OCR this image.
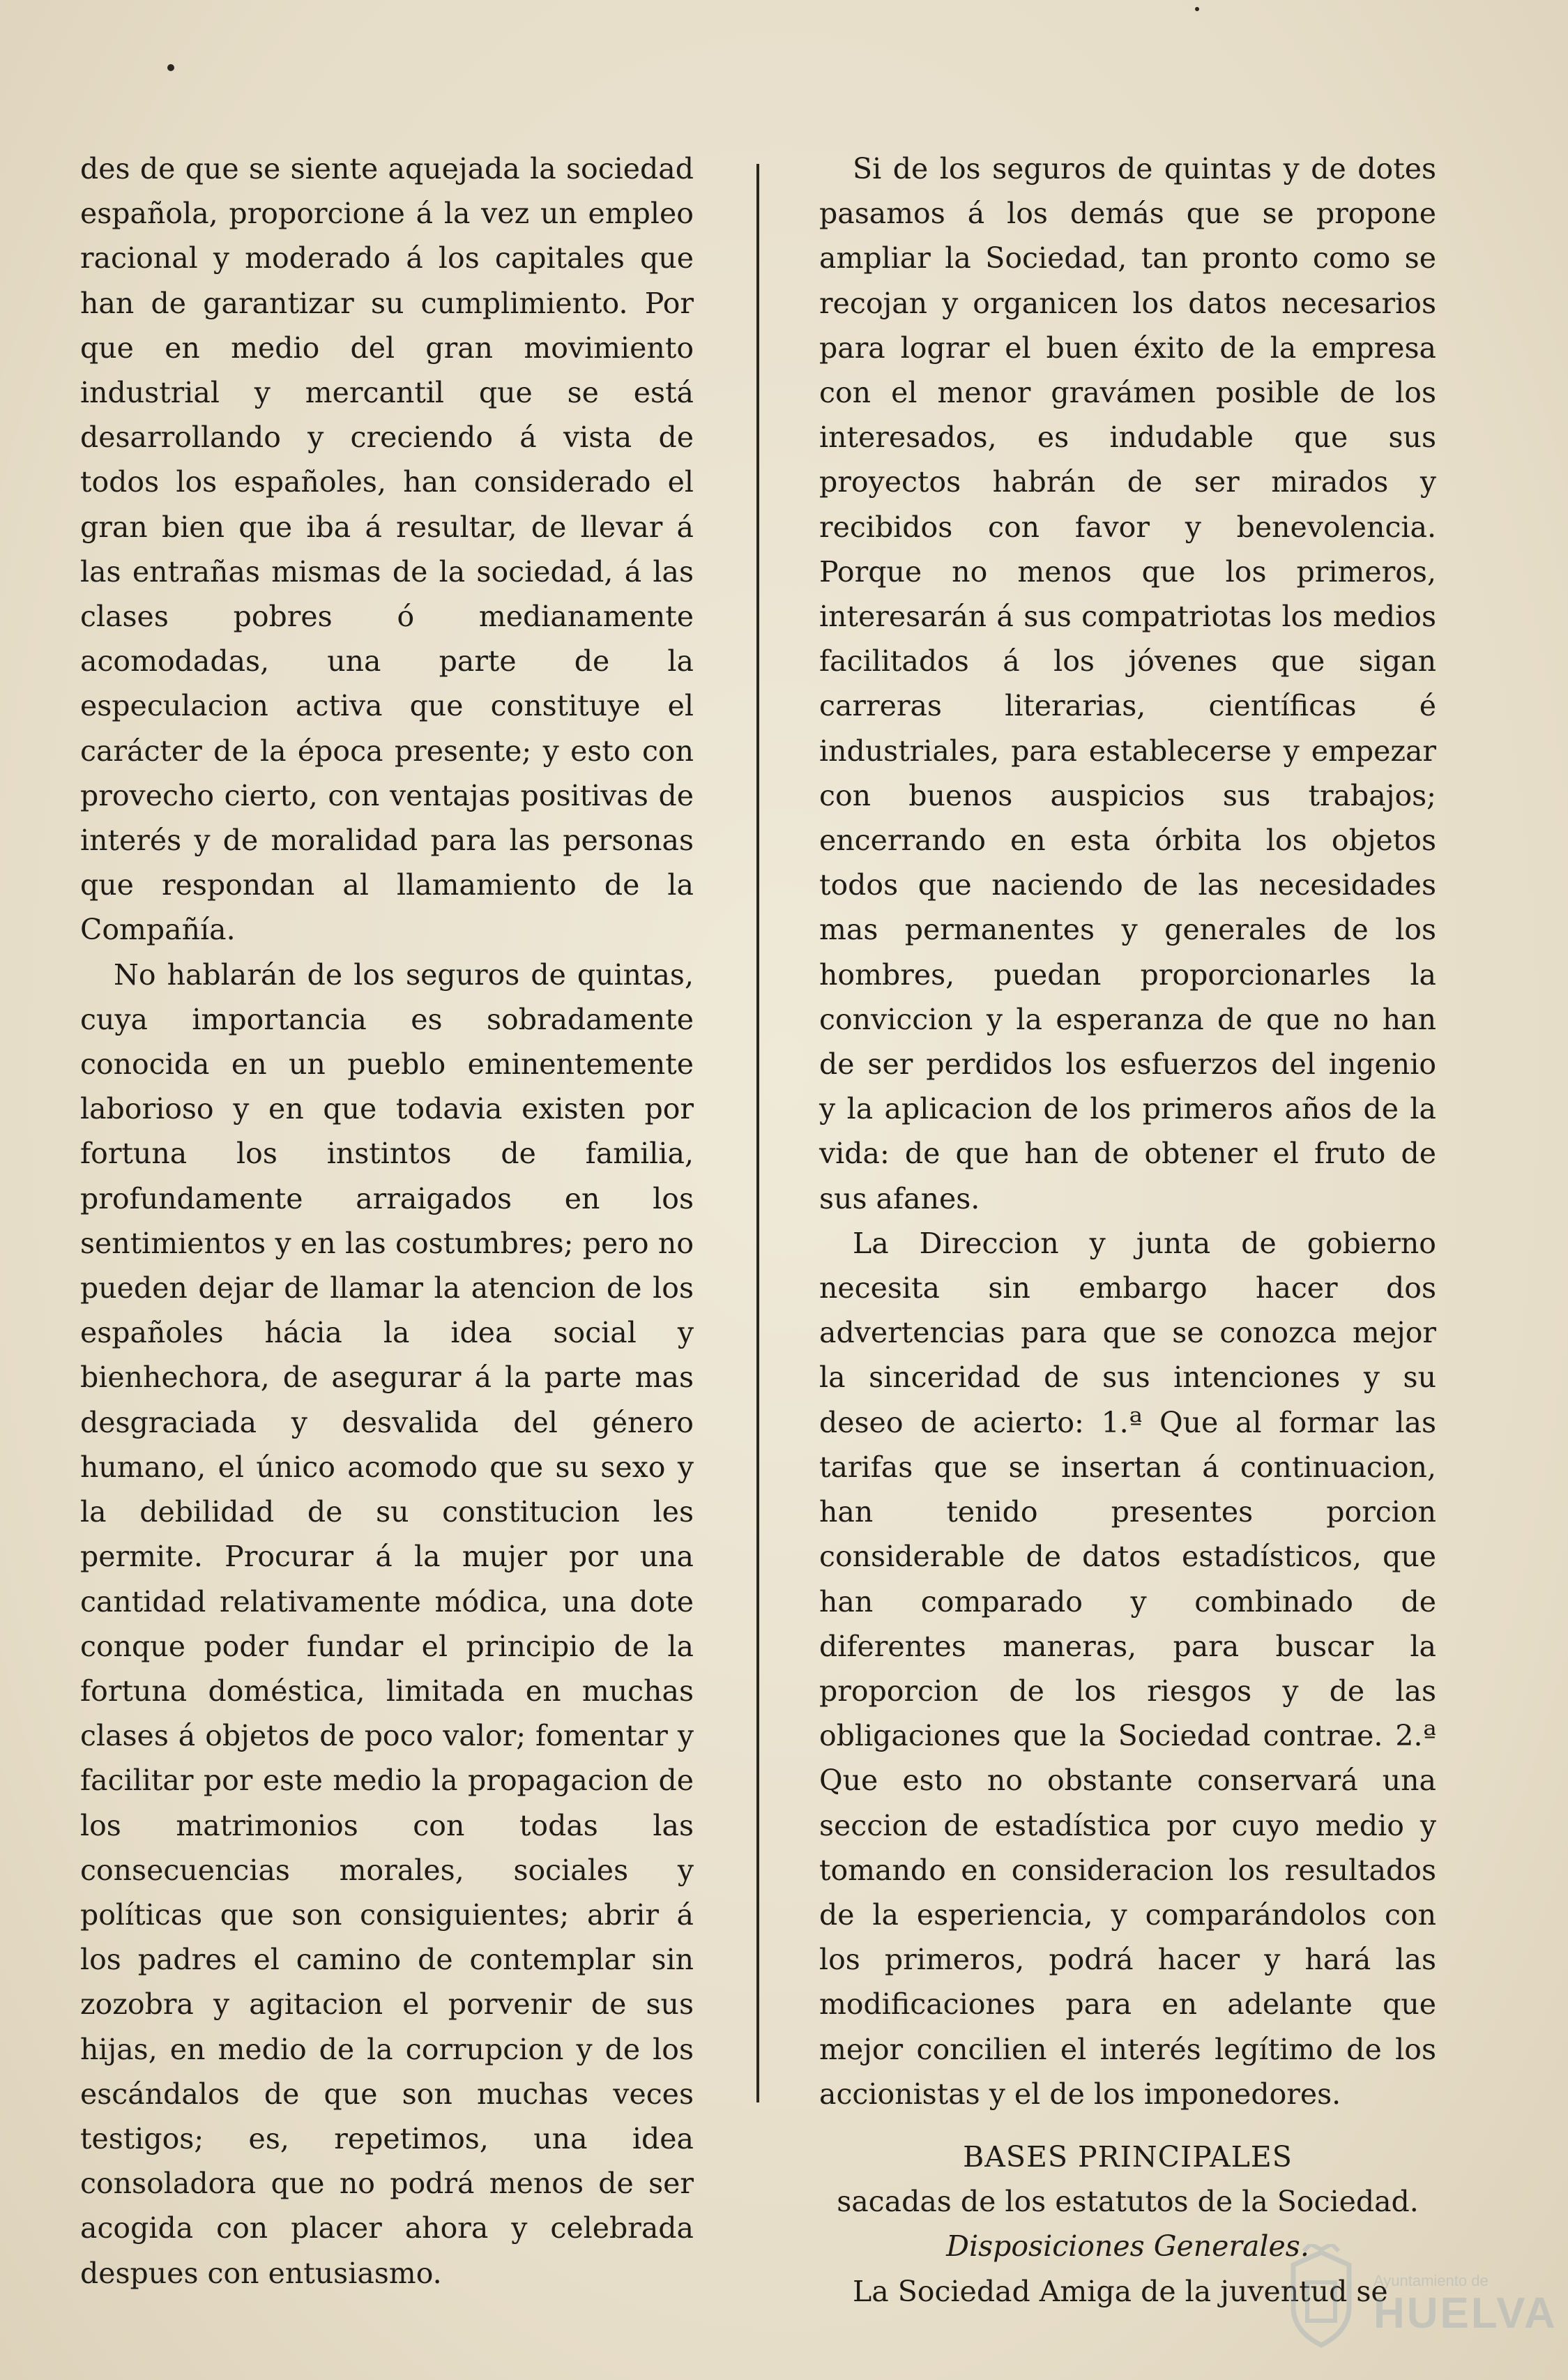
des de que se siente aquejada la sociedad española, proporcione á la vez un empleo racional y moderado á los capitales que han de garantizar su cumplimiento. Por que en medio del gran movimiento industrial y mercantil que se está desarrollando y creciendo á vista de todos los españoles, han considerado el gran bien que iba á resultar, de llevar á las entrañas mismas de la sociedad, á las clases pobres ó medianamente acomodadas, una parte de la especulacion activa que constituye el carácter de la época presente; y esto con provecho cierto, con ventajas positivas de interés y de moralidad para las personas que respondan al llamamiento de la Compañía.

No hablarán de los seguros de quintas, cuya importancia es sobradamente conocida en un pueblo eminentemente laborioso y en que todavia existen por fortuna los instintos de familia, profundamente arraigados en los sentimientos y en las costumbres; pero no pueden dejar de llamar la atencion de los españoles hácia la idea social y bienhechora, de asegurar á la parte mas desgraciada y desvalida del género humano, el único acomodo que su sexo y la debilidad de su constitucion les permite. Procurar á la mujer por una cantidad relativamente módica, una dote conque poder fundar el principio de la fortuna doméstica, limitada en muchas clases á objetos de poco valor; fomentar y facilitar por este medio la propagacion de los matrimonios con todas las consecuencias morales, sociales y políticas que son consiguientes; abrir á los padres el camino de contemplar sin zozobra y agitacion el porvenir de sus hijas, en medio de la corrupcion y de los escándalos de que son muchas veces testigos; es, repetimos, una idea consoladora que no podrá menos de ser acogida con placer ahora y celebrada despues con entusiasmo.

Si de los seguros de quintas y de dotes pasamos á los demás que se propone ampliar la Sociedad, tan pronto como se recojan y organicen los datos necesarios para lograr el buen éxito de la empresa con el menor gravámen posible de los interesados, es indudable que sus proyectos habrán de ser mirados y recibidos con favor y benevolencia. Porque no menos que los primeros, interesarán á sus compatriotas los medios facilitados á los jóvenes que sigan carreras literarias, científicas é industriales, para establecerse y empezar con buenos auspicios sus trabajos; encerrando en esta órbita los objetos todos que naciendo de las necesidades mas permanentes y generales de los hombres, puedan proporcionarles la conviccion y la esperanza de que no han de ser perdidos los esfuerzos del ingenio y la aplicacion de los primeros años de la vida: de que han de obtener el fruto de sus afanes.

La Direccion y junta de gobierno necesita sin embargo hacer dos advertencias para que se conozca mejor la sinceridad de sus intenciones y su deseo de acierto: 1.ª Que al formar las tarifas que se insertan á continuacion, han tenido presentes porcion considerable de datos estadísticos, que han comparado y combinado de diferentes maneras, para buscar la proporcion de los riesgos y de las obligaciones que la Sociedad contrae. 2.ª Que esto no obstante conservará una seccion de estadística por cuyo medio y tomando en consideracion los resultados de la esperiencia, y comparándolos con los primeros, podrá hacer y hará las modificaciones para en adelante que mejor concilien el interés legítimo de los accionistas y el de los imponedores.

BASES PRINCIPALES

sacadas de los estatutos de la Sociedad.

Disposiciones Generales.

La Sociedad Amiga de la juventud se

Ayuntamiento de
HUELVA
